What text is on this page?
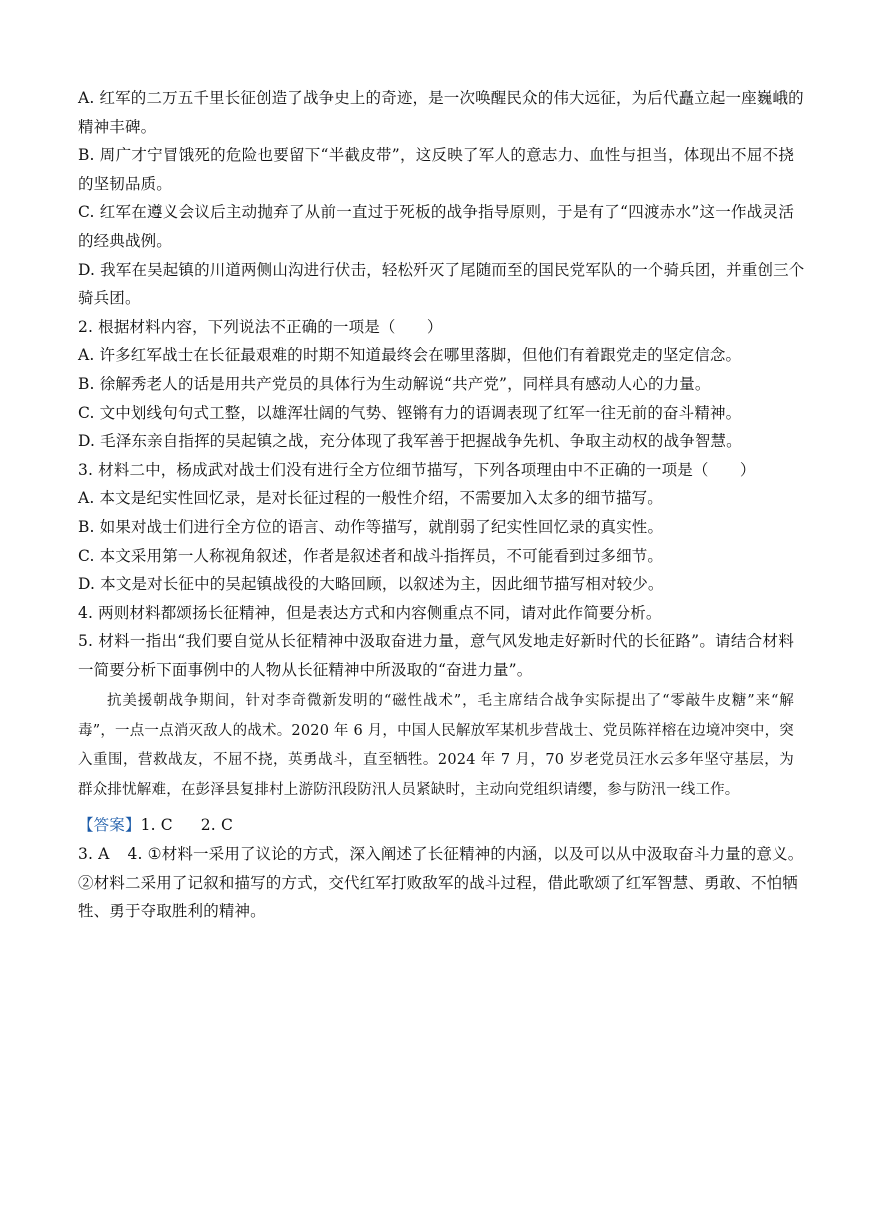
A. 红军的二万五千里长征创造了战争史上的奇迹，是一次唤醒民众的伟大远征，为后代矗立起一座巍峨的
精神丰碑。
B. 周广才宁冒饿死的危险也要留下“半截皮带”，这反映了军人的意志力、血性与担当，体现出不屈不挠
的坚韧品质。
C. 红军在遵义会议后主动抛弃了从前一直过于死板的战争指导原则，于是有了“四渡赤水”这一作战灵活
的经典战例。
D. 我军在吴起镇的川道两侧山沟进行伏击，轻松歼灭了尾随而至的国民党军队的一个骑兵团，并重创三个
骑兵团。
2. 根据材料内容，下列说法不正确的一项是（　　）
A. 许多红军战士在长征最艰难的时期不知道最终会在哪里落脚，但他们有着跟党走的坚定信念。
B. 徐解秀老人的话是用共产党员的具体行为生动解说“共产党”，同样具有感动人心的力量。
C. 文中划线句句式工整，以雄浑壮阔的气势、铿锵有力的语调表现了红军一往无前的奋斗精神。
D. 毛泽东亲自指挥的吴起镇之战，充分体现了我军善于把握战争先机、争取主动权的战争智慧。
3. 材料二中，杨成武对战士们没有进行全方位细节描写，下列各项理由中不正确的一项是（　　）
A. 本文是纪实性回忆录，是对长征过程的一般性介绍，不需要加入太多的细节描写。
B. 如果对战士们进行全方位的语言、动作等描写，就削弱了纪实性回忆录的真实性。
C. 本文采用第一人称视角叙述，作者是叙述者和战斗指挥员，不可能看到过多细节。
D. 本文是对长征中的吴起镇战役的大略回顾，以叙述为主，因此细节描写相对较少。
4. 两则材料都颂扬长征精神，但是表达方式和内容侧重点不同，请对此作简要分析。
5. 材料一指出“我们要自觉从长征精神中汲取奋进力量，意气风发地走好新时代的长征路”。请结合材料
一简要分析下面事例中的人物从长征精神中所汲取的“奋进力量”。
抗美援朝战争期间，针对李奇微新发明的“磁性战术”，毛主席结合战争实际提出了“零敲牛皮糖”来“解毒”，一点一点消灭敌人的战术。2020 年 6 月，中国人民解放军某机步营战士、党员陈祥榕在边境冲突中，突入重围，营救战友，不屈不挠，英勇战斗，直至牺牲。2024 年 7 月，70 岁老党员汪水云多年坚守基层，为群众排忧解难，在彭泽县复排村上游防汛段防汛人员紧缺时，主动向党组织请缨，参与防汛一线工作。
【答案】1. C 2. C
3. A 4. ①材料一采用了议论的方式，深入阐述了长征精神的内涵，以及可以从中汲取奋斗力量的意义。
②材料二采用了记叙和描写的方式，交代红军打败敌军的战斗过程，借此歌颂了红军智慧、勇敢、不怕牺
牲、勇于夺取胜利的精神。
